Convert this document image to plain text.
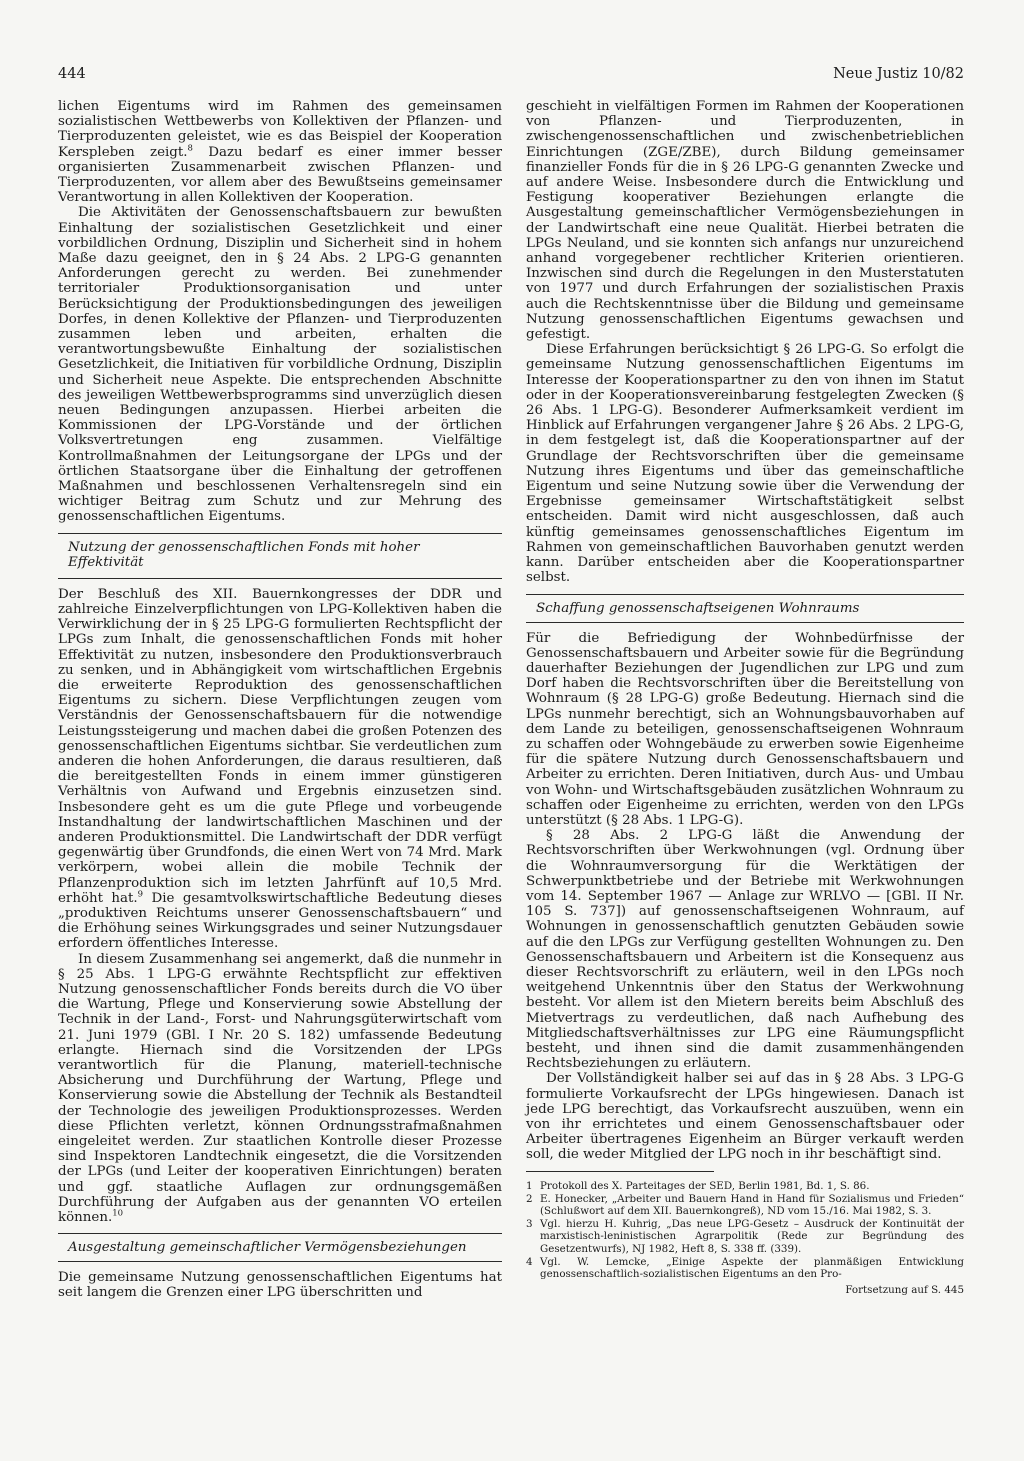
444	Neue Justiz 10/82

lichen Eigentums wird im Rahmen des gemeinsamen sozialistischen Wettbewerbs von Kollektiven der Pflanzen- und Tierproduzenten geleistet, wie es das Beispiel der Kooperation Kerspleben zeigt.$^8$ Dazu bedarf es einer immer besser organisierten Zusammenarbeit zwischen Pflanzen- und Tierproduzenten, vor allem aber des Bewußtseins gemeinsamer Verantwortung in allen Kollektiven der Kooperation.

Die Aktivitäten der Genossenschaftsbauern zur bewußten Einhaltung der sozialistischen Gesetzlichkeit und einer vorbildlichen Ordnung, Disziplin und Sicherheit sind in hohem Maße dazu geeignet, den in § 24 Abs. 2 LPG-G genannten Anforderungen gerecht zu werden. Bei zunehmender territorialer Produktionsorganisation und unter Berücksichtigung der Produktionsbedingungen des jeweiligen Dorfes, in denen Kollektive der Pflanzen- und Tierproduzenten zusammen leben und arbeiten, erhalten die verantwortungsbewußte Einhaltung der sozialistischen Gesetzlichkeit, die Initiativen für vorbildliche Ordnung, Disziplin und Sicherheit neue Aspekte. Die entsprechenden Abschnitte des jeweiligen Wettbewerbsprogramms sind unverzüglich diesen neuen Bedingungen anzupassen. Hierbei arbeiten die Kommissionen der LPG-Vorstände und der örtlichen Volksvertretungen eng zusammen. Vielfältige Kontrollmaßnahmen der Leitungsorgane der LPGs und der örtlichen Staatsorgane über die Einhaltung der getroffenen Maßnahmen und beschlossenen Verhaltensregeln sind ein wichtiger Beitrag zum Schutz und zur Mehrung des genossenschaftlichen Eigentums.

Nutzung der genossenschaftlichen Fonds mit hoher Effektivität

Der Beschluß des XII. Bauernkongresses der DDR und zahlreiche Einzelverpflichtungen von LPG-Kollektiven haben die Verwirklichung der in § 25 LPG-G formulierten Rechtspflicht der LPGs zum Inhalt, die genossenschaftlichen Fonds mit hoher Effektivität zu nutzen, insbesondere den Produktionsverbrauch zu senken, und in Abhängigkeit vom wirtschaftlichen Ergebnis die erweiterte Reproduktion des genossenschaftlichen Eigentums zu sichern. Diese Verpflichtungen zeugen vom Verständnis der Genossenschaftsbauern für die notwendige Leistungssteigerung und machen dabei die großen Potenzen des genossenschaftlichen Eigentums sichtbar. Sie verdeutlichen zum anderen die hohen Anforderungen, die daraus resultieren, daß die bereitgestellten Fonds in einem immer günstigeren Verhältnis von Aufwand und Ergebnis einzusetzen sind. Insbesondere geht es um die gute Pflege und vorbeugende Instandhaltung der landwirtschaftlichen Maschinen und der anderen Produktionsmittel. Die Landwirtschaft der DDR verfügt gegenwärtig über Grundfonds, die einen Wert von 74 Mrd. Mark verkörpern, wobei allein die mobile Technik der Pflanzenproduktion sich im letzten Jahrfünft auf 10,5 Mrd. erhöht hat.$^9$ Die gesamtvolkswirtschaftliche Bedeutung dieses „produktiven Reichtums unserer Genossenschaftsbauern“ und die Erhöhung seines Wirkungsgrades und seiner Nutzungsdauer erfordern öffentliches Interesse.

In diesem Zusammenhang sei angemerkt, daß die nunmehr in § 25 Abs. 1 LPG-G erwähnte Rechtspflicht zur effektiven Nutzung genossenschaftlicher Fonds bereits durch die VO über die Wartung, Pflege und Konservierung sowie Abstellung der Technik in der Land-, Forst- und Nahrungsgüterwirtschaft vom 21. Juni 1979 (GBl. I Nr. 20 S. 182) umfassende Bedeutung erlangte. Hiernach sind die Vorsitzenden der LPGs verantwortlich für die Planung, materiell-technische Absicherung und Durchführung der Wartung, Pflege und Konservierung sowie die Abstellung der Technik als Bestandteil der Technologie des jeweiligen Produktionsprozesses. Werden diese Pflichten verletzt, können Ordnungsstrafmaßnahmen eingeleitet werden. Zur staatlichen Kontrolle dieser Prozesse sind Inspektoren Landtechnik eingesetzt, die die Vorsitzenden der LPGs (und Leiter der kooperativen Einrichtungen) beraten und ggf. staatliche Auflagen zur ordnungsgemäßen Durchführung der Aufgaben aus der genannten VO erteilen können.$^{10}$

Ausgestaltung gemeinschaftlicher Vermögensbeziehungen

Die gemeinsame Nutzung genossenschaftlichen Eigentums hat seit langem die Grenzen einer LPG überschritten und

geschieht in vielfältigen Formen im Rahmen der Kooperationen von Pflanzen- und Tierproduzenten, in zwischengenossenschaftlichen und zwischenbetrieblichen Einrichtungen (ZGE/ZBE), durch Bildung gemeinsamer finanzieller Fonds für die in § 26 LPG-G genannten Zwecke und auf andere Weise. Insbesondere durch die Entwicklung und Festigung kooperativer Beziehungen erlangte die Ausgestaltung gemeinschaftlicher Vermögensbeziehungen in der Landwirtschaft eine neue Qualität. Hierbei betraten die LPGs Neuland, und sie konnten sich anfangs nur unzureichend anhand vorgegebener rechtlicher Kriterien orientieren. Inzwischen sind durch die Regelungen in den Musterstatuten von 1977 und durch Erfahrungen der sozialistischen Praxis auch die Rechtskenntnisse über die Bildung und gemeinsame Nutzung genossenschaftlichen Eigentums gewachsen und gefestigt.

Diese Erfahrungen berücksichtigt § 26 LPG-G. So erfolgt die gemeinsame Nutzung genossenschaftlichen Eigentums im Interesse der Kooperationspartner zu den von ihnen im Statut oder in der Kooperationsvereinbarung festgelegten Zwecken (§ 26 Abs. 1 LPG-G). Besonderer Aufmerksamkeit verdient im Hinblick auf Erfahrungen vergangener Jahre § 26 Abs. 2 LPG-G, in dem festgelegt ist, daß die Kooperationspartner auf der Grundlage der Rechtsvorschriften über die gemeinsame Nutzung ihres Eigentums und über das gemeinschaftliche Eigentum und seine Nutzung sowie über die Verwendung der Ergebnisse gemeinsamer Wirtschaftstätigkeit selbst entscheiden. Damit wird nicht ausgeschlossen, daß auch künftig gemeinsames genossenschaftliches Eigentum im Rahmen von gemeinschaftlichen Bauvorhaben genutzt werden kann. Darüber entscheiden aber die Kooperationspartner selbst.

Schaffung genossenschaftseigenen Wohnraums

Für die Befriedigung der Wohnbedürfnisse der Genossenschaftsbauern und Arbeiter sowie für die Begründung dauerhafter Beziehungen der Jugendlichen zur LPG und zum Dorf haben die Rechtsvorschriften über die Bereitstellung von Wohnraum (§ 28 LPG-G) große Bedeutung. Hiernach sind die LPGs nunmehr berechtigt, sich an Wohnungsbauvorhaben auf dem Lande zu beteiligen, genossenschaftseigenen Wohnraum zu schaffen oder Wohngebäude zu erwerben sowie Eigenheime für die spätere Nutzung durch Genossenschaftsbauern und Arbeiter zu errichten. Deren Initiativen, durch Aus- und Umbau von Wohn- und Wirtschaftsgebäuden zusätzlichen Wohnraum zu schaffen oder Eigenheime zu errichten, werden von den LPGs unterstützt (§ 28 Abs. 1 LPG-G).

§ 28 Abs. 2 LPG-G läßt die Anwendung der Rechtsvorschriften über Werkwohnungen (vgl. Ordnung über die Wohnraumversorgung für die Werktätigen der Schwerpunktbetriebe und der Betriebe mit Werkwohnungen vom 14. September 1967 — Anlage zur WRLVO — [GBl. II Nr. 105 S. 737]) auf genossenschaftseigenen Wohnraum, auf Wohnungen in genossenschaftlich genutzten Gebäuden sowie auf die den LPGs zur Verfügung gestellten Wohnungen zu. Den Genossenschaftsbauern und Arbeitern ist die Konsequenz aus dieser Rechtsvorschrift zu erläutern, weil in den LPGs noch weitgehend Unkenntnis über den Status der Werkwohnung besteht. Vor allem ist den Mietern bereits beim Abschluß des Mietvertrags zu verdeutlichen, daß nach Aufhebung des Mitgliedschaftsverhältnisses zur LPG eine Räumungspflicht besteht, und ihnen sind die damit zusammenhängenden Rechtsbeziehungen zu erläutern.

Der Vollständigkeit halber sei auf das in § 28 Abs. 3 LPG-G formulierte Vorkaufsrecht der LPGs hingewiesen. Danach ist jede LPG berechtigt, das Vorkaufsrecht auszuüben, wenn ein von ihr errichtetes und einem Genossenschaftsbauer oder Arbeiter übertragenes Eigenheim an Bürger verkauft werden soll, die weder Mitglied der LPG noch in ihr beschäftigt sind.

1 Protokoll des X. Parteitages der SED, Berlin 1981, Bd. 1, S. 86.
2 E. Honecker, „Arbeiter und Bauern Hand in Hand für Sozialismus und Frieden“ (Schlußwort auf dem XII. Bauernkongreß), ND vom 15./16. Mai 1982, S. 3.
3 Vgl. hierzu H. Kuhrig, „Das neue LPG-Gesetz – Ausdruck der Kontinuität der marxistisch-leninistischen Agrarpolitik (Rede zur Begründung des Gesetzentwurfs), NJ 1982, Heft 8, S. 338 ff. (339).
4 Vgl. W. Lemcke, „Einige Aspekte der planmäßigen Entwicklung genossenschaftlich-sozialistischen Eigentums an den Pro-
Fortsetzung auf S. 445
